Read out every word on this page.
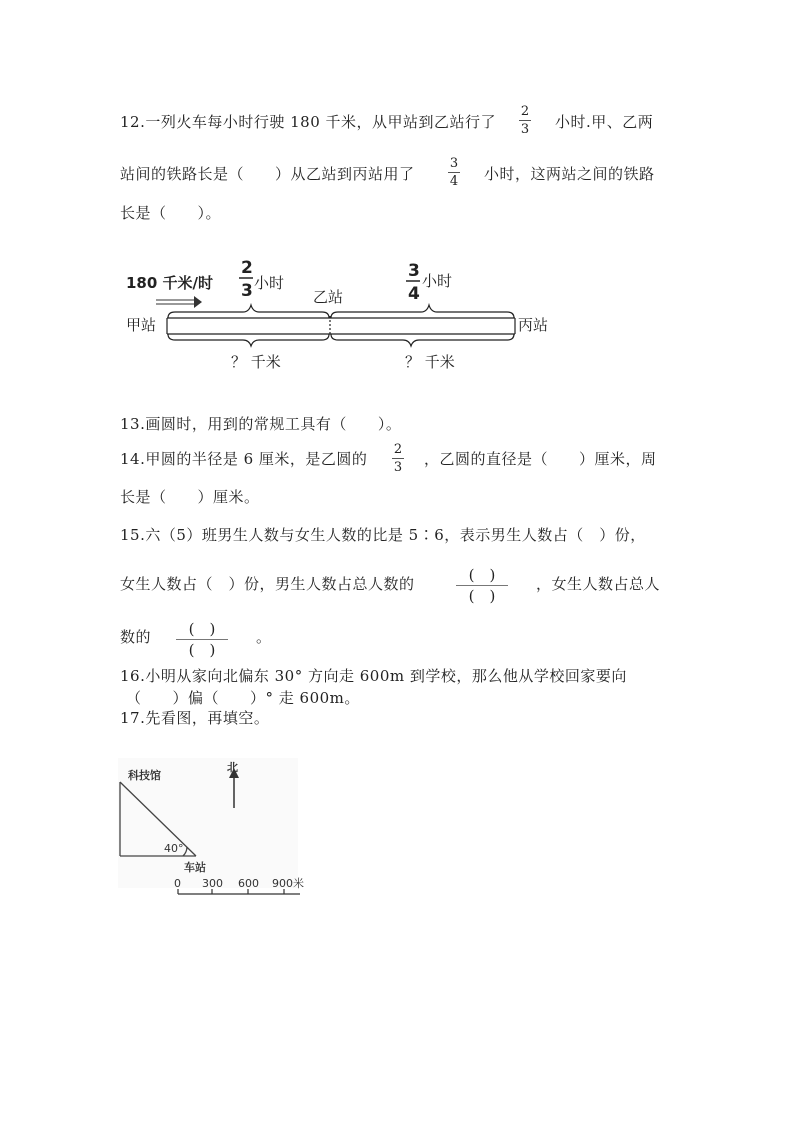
12.一列火车每小时行驶 180 千米，从甲站到乙站行了
2
3 小时.甲、乙两
站间的铁路长是（　　）从乙站到丙站用了
3
4 小时，这两站之间的铁路
长是（　　）。
180 千米/时
2
3 小时
3
4
小时
乙站
甲站	丙站
？ 千米	？ 千米
13.画圆时，用到的常规工具有（　　）。
14.甲圆的半径是 6 厘米，是乙圆的
2
3 ，乙圆的直径是（　　）厘米，周
长是（　　）厘米。
15.六（5）班男生人数与女生人数的比是 5∶6，表示男生人数占（　）份，
女生人数占（　）份，男生人数占总人数的	(　)
(　)
，女生人数占总人
数的	(　)
(　)
。
16.小明从家向北偏东 30° 方向走 600m 到学校，那么他从学校回家要向
（　　）偏（　　）° 走 600m。
17.先看图，再填空。
科技馆
北
40°
车站
0 300 600 900米
